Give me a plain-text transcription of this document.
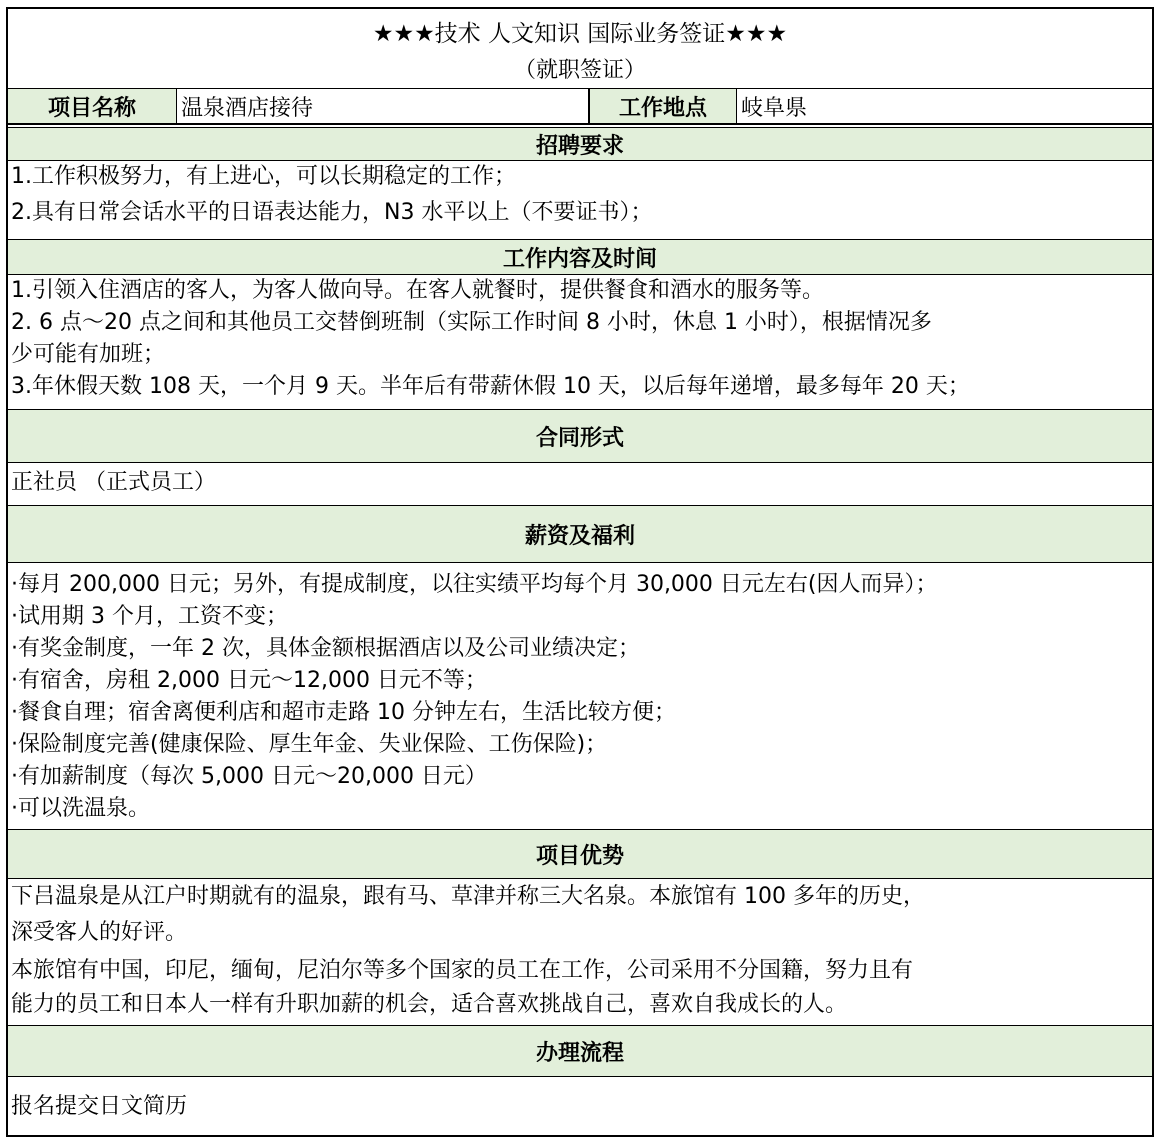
★★★技术 人文知识 国际业务签证★★★
（就职签证）
项目名称	温泉酒店接待	工作地点	岐阜県
招聘要求
1.工作积极努力，有上进心，可以长期稳定的工作；
2.具有日常会话水平的日语表达能力，N3 水平以上（不要证书）；
工作内容及时间
1.引领入住酒店的客人，为客人做向导。在客人就餐时，提供餐食和酒水的服务等。
2. 6 点～20 点之间和其他员工交替倒班制（实际工作时间 8 小时，休息 1 小时），根据情况多
少可能有加班；
3.年休假天数 108 天，一个月 9 天。半年后有带薪休假 10 天，以后每年递增，最多每年 20 天；
合同形式
正社员 （正式员工）
薪资及福利
·每月 200,000 日元；另外，有提成制度，以往实绩平均每个月 30,000 日元左右(因人而异）；
·试用期 3 个月，工资不变；
·有奖金制度，一年 2 次，具体金额根据酒店以及公司业绩决定；
·有宿舍，房租 2,000 日元～12,000 日元不等；
·餐食自理；宿舍离便利店和超市走路 10 分钟左右，生活比较方便；
·保险制度完善(健康保险、厚生年金、失业保险、工伤保险)；
·有加薪制度（每次 5,000 日元～20,000 日元）
·可以洗温泉。
项目优势
下吕温泉是从江户时期就有的温泉，跟有马、草津并称三大名泉。本旅馆有 100 多年的历史，
深受客人的好评。
本旅馆有中国，印尼，缅甸，尼泊尔等多个国家的员工在工作，公司采用不分国籍，努力且有
能力的员工和日本人一样有升职加薪的机会，适合喜欢挑战自己，喜欢自我成长的人。
办理流程
报名提交日文简历
